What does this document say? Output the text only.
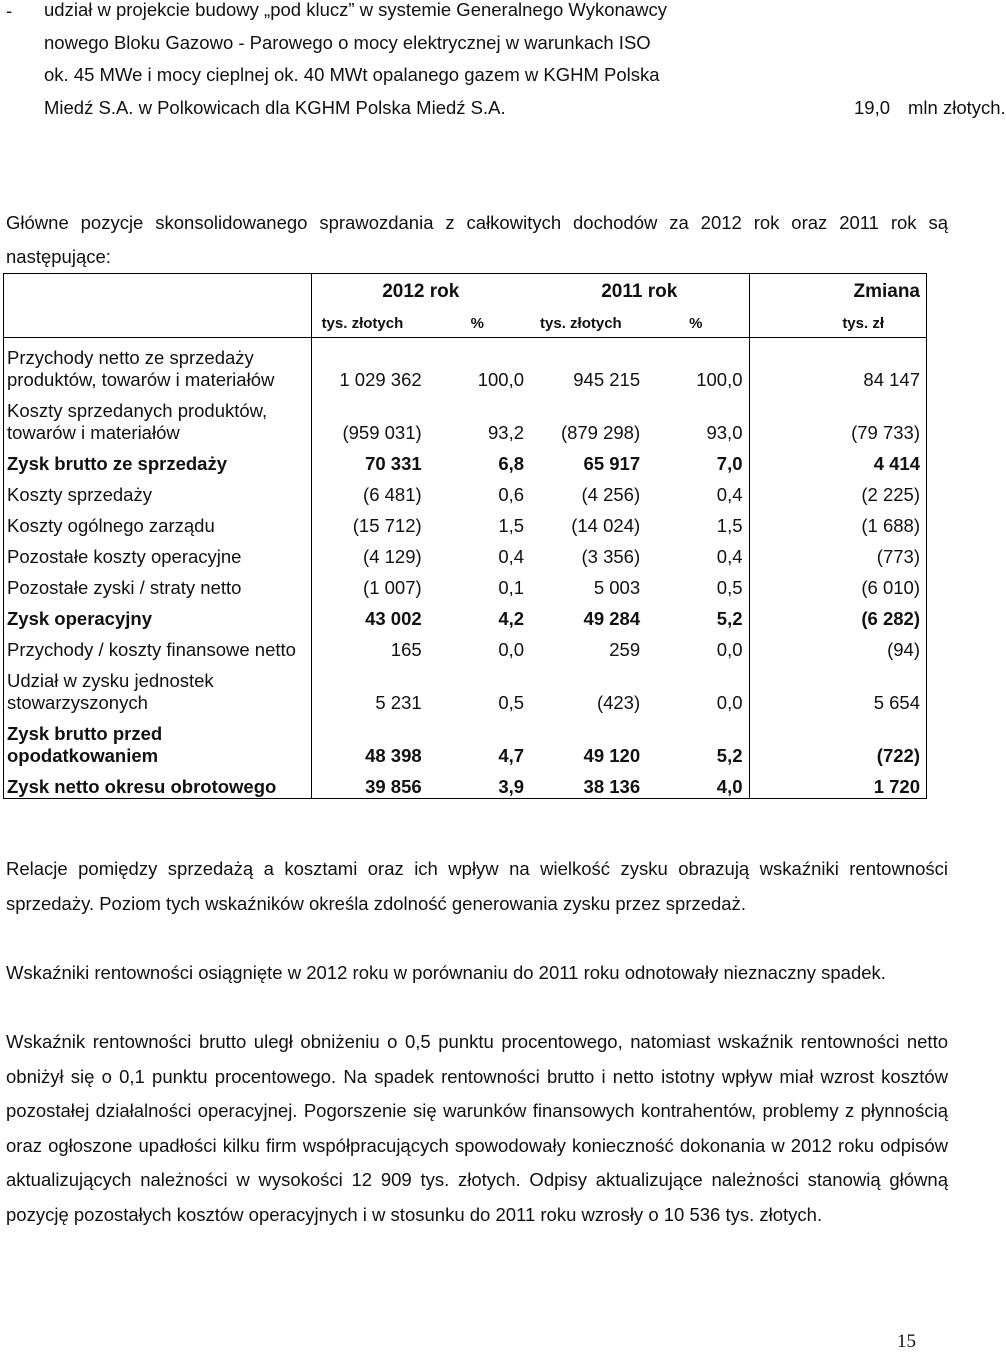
- udział w projekcie budowy „pod klucz” w systemie Generalnego Wykonawcy
nowego Bloku Gazowo - Parowego o mocy elektrycznej w warunkach ISO
ok. 45 MWe i mocy cieplnej ok. 40 MWt opalanego gazem w KGHM Polska
Miedź S.A. w Polkowicach dla KGHM Polska Miedź S.A.	19,0 mln złotych.
Główne pozycje skonsolidowanego sprawozdania z całkowitych dochodów za 2012 rok oraz 2011 rok są następujące:
	2012 rok		2011 rok		Zmiana
	tys. złotych	%	tys. złotych	%	tys. zł
Przychody netto ze sprzedaży produktów, towarów i materiałów	1 029 362	100,0	945 215	100,0	84 147
Koszty sprzedanych produktów, towarów i materiałów	(959 031)	93,2	(879 298)	93,0	(79 733)
Zysk brutto ze sprzedaży	70 331	6,8	65 917	7,0	4 414
Koszty sprzedaży	(6 481)	0,6	(4 256)	0,4	(2 225)
Koszty ogólnego zarządu	(15 712)	1,5	(14 024)	1,5	(1 688)
Pozostałe koszty operacyjne	(4 129)	0,4	(3 356)	0,4	(773)
Pozostałe zyski / straty netto	(1 007)	0,1	5 003	0,5	(6 010)
Zysk operacyjny	43 002	4,2	49 284	5,2	(6 282)
Przychody / koszty finansowe netto	165	0,0	259	0,0	(94)
Udział w zysku jednostek stowarzyszonych	5 231	0,5	(423)	0,0	5 654
Zysk brutto przed opodatkowaniem	48 398	4,7	49 120	5,2	(722)
Zysk netto okresu obrotowego	39 856	3,9	38 136	4,0	1 720
Relacje pomiędzy sprzedażą a kosztami oraz ich wpływ na wielkość zysku obrazują wskaźniki rentowności sprzedaży. Poziom tych wskaźników określa zdolność generowania zysku przez sprzedaż.
Wskaźniki rentowności osiągnięte w 2012 roku w porównaniu do 2011 roku odnotowały nieznaczny spadek.
Wskaźnik rentowności brutto uległ obniżeniu o 0,5 punktu procentowego, natomiast wskaźnik rentowności netto obniżył się o 0,1 punktu procentowego. Na spadek rentowności brutto i netto istotny wpływ miał wzrost kosztów pozostałej działalności operacyjnej. Pogorszenie się warunków finansowych kontrahentów, problemy z płynnością oraz ogłoszone upadłości kilku firm współpracujących spowodowały konieczność dokonania w 2012 roku odpisów aktualizujących należności w wysokości 12 909 tys. złotych. Odpisy aktualizujące należności stanowią główną pozycję pozostałych kosztów operacyjnych i w stosunku do 2011 roku wzrosły o 10 536 tys. złotych.
15
